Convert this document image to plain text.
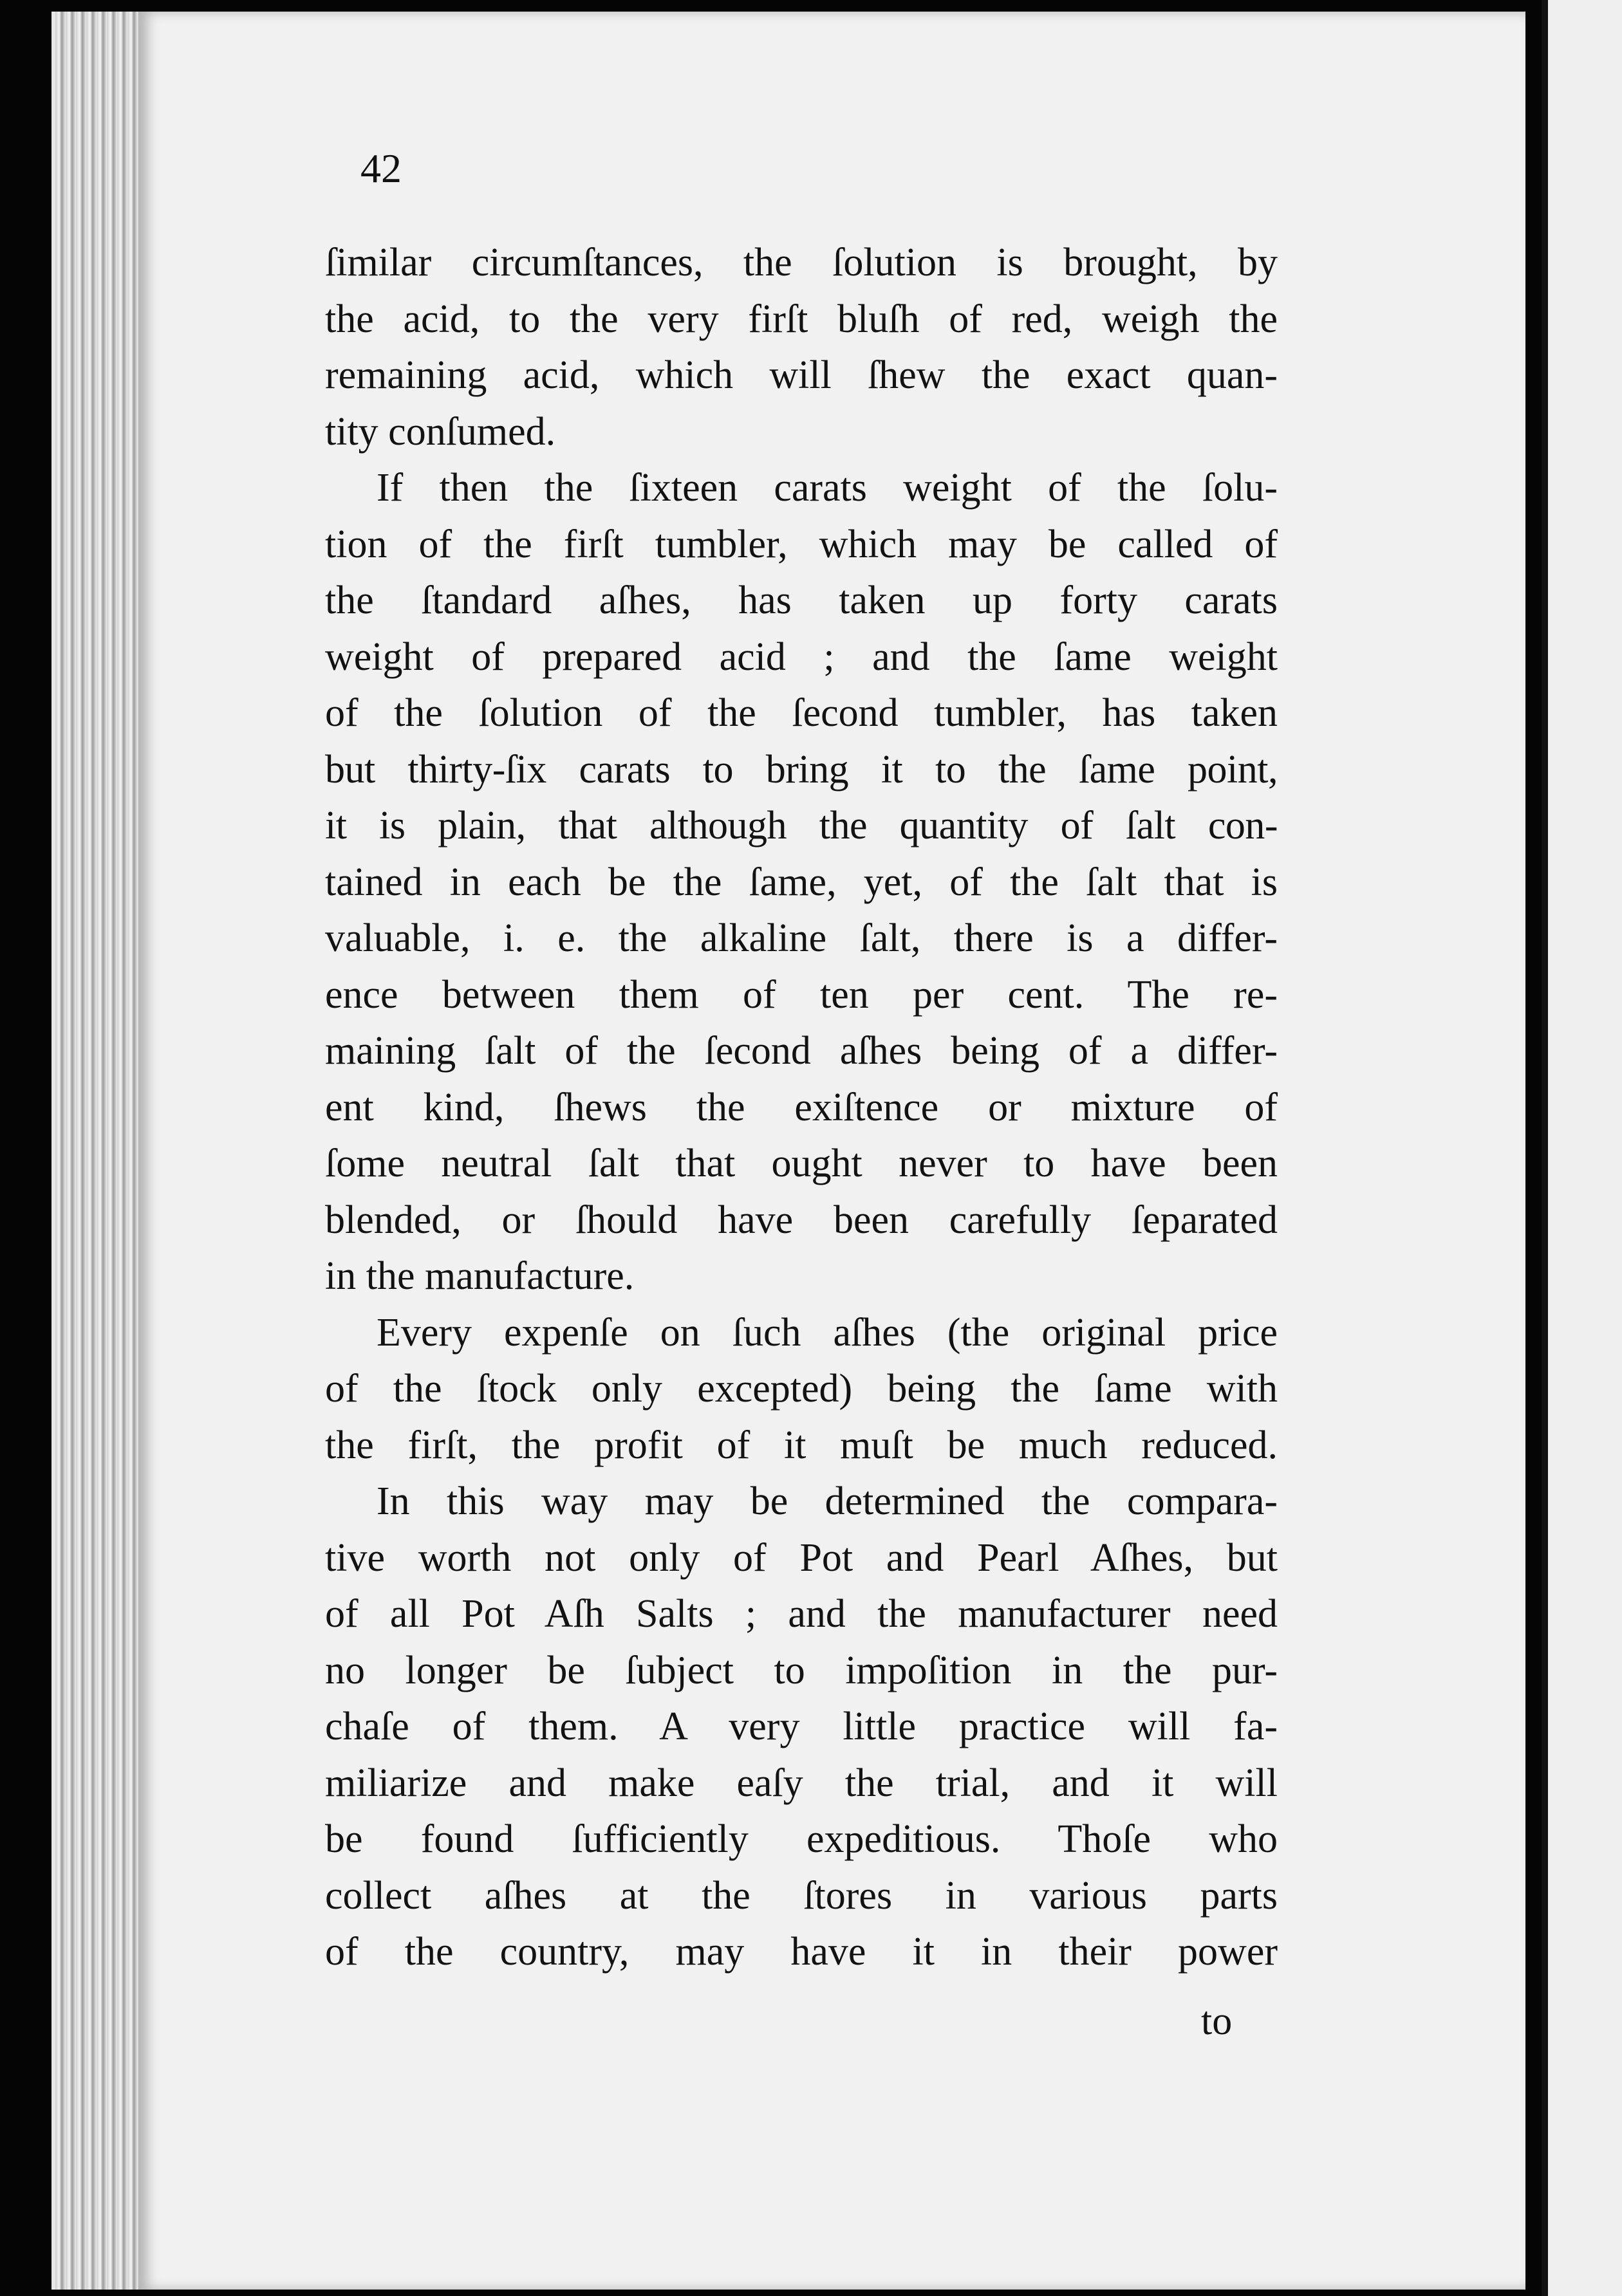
42
ſimilar circumſtances, the ſolution is brought, by
the acid, to the very firſt bluſh of red, weigh the
remaining acid, which will ſhew the exact quan-
tity conſumed.
If then the ſixteen carats weight of the ſolu-
tion of the firſt tumbler, which may be called of
the ſtandard aſhes, has taken up forty carats
weight of prepared acid ; and the ſame weight
of the ſolution of the ſecond tumbler, has taken
but thirty-ſix carats to bring it to the ſame point,
it is plain, that although the quantity of ſalt con-
tained in each be the ſame, yet, of the ſalt that is
valuable, i. e. the alkaline ſalt, there is a differ-
ence between them of ten per cent. The re-
maining ſalt of the ſecond aſhes being of a differ-
ent kind, ſhews the exiſtence or mixture of
ſome neutral ſalt that ought never to have been
blended, or ſhould have been carefully ſeparated
in the manufacture.
Every expenſe on ſuch aſhes (the original price
of the ſtock only excepted) being the ſame with
the firſt, the profit of it muſt be much reduced.
In this way may be determined the compara-
tive worth not only of Pot and Pearl Aſhes, but
of all Pot Aſh Salts ; and the manufacturer need
no longer be ſubject to impoſition in the pur-
chaſe of them. A very little practice will fa-
miliarize and make eaſy the trial, and it will
be found ſufficiently expeditious. Thoſe who
collect aſhes at the ſtores in various parts
of the country, may have it in their power
to
